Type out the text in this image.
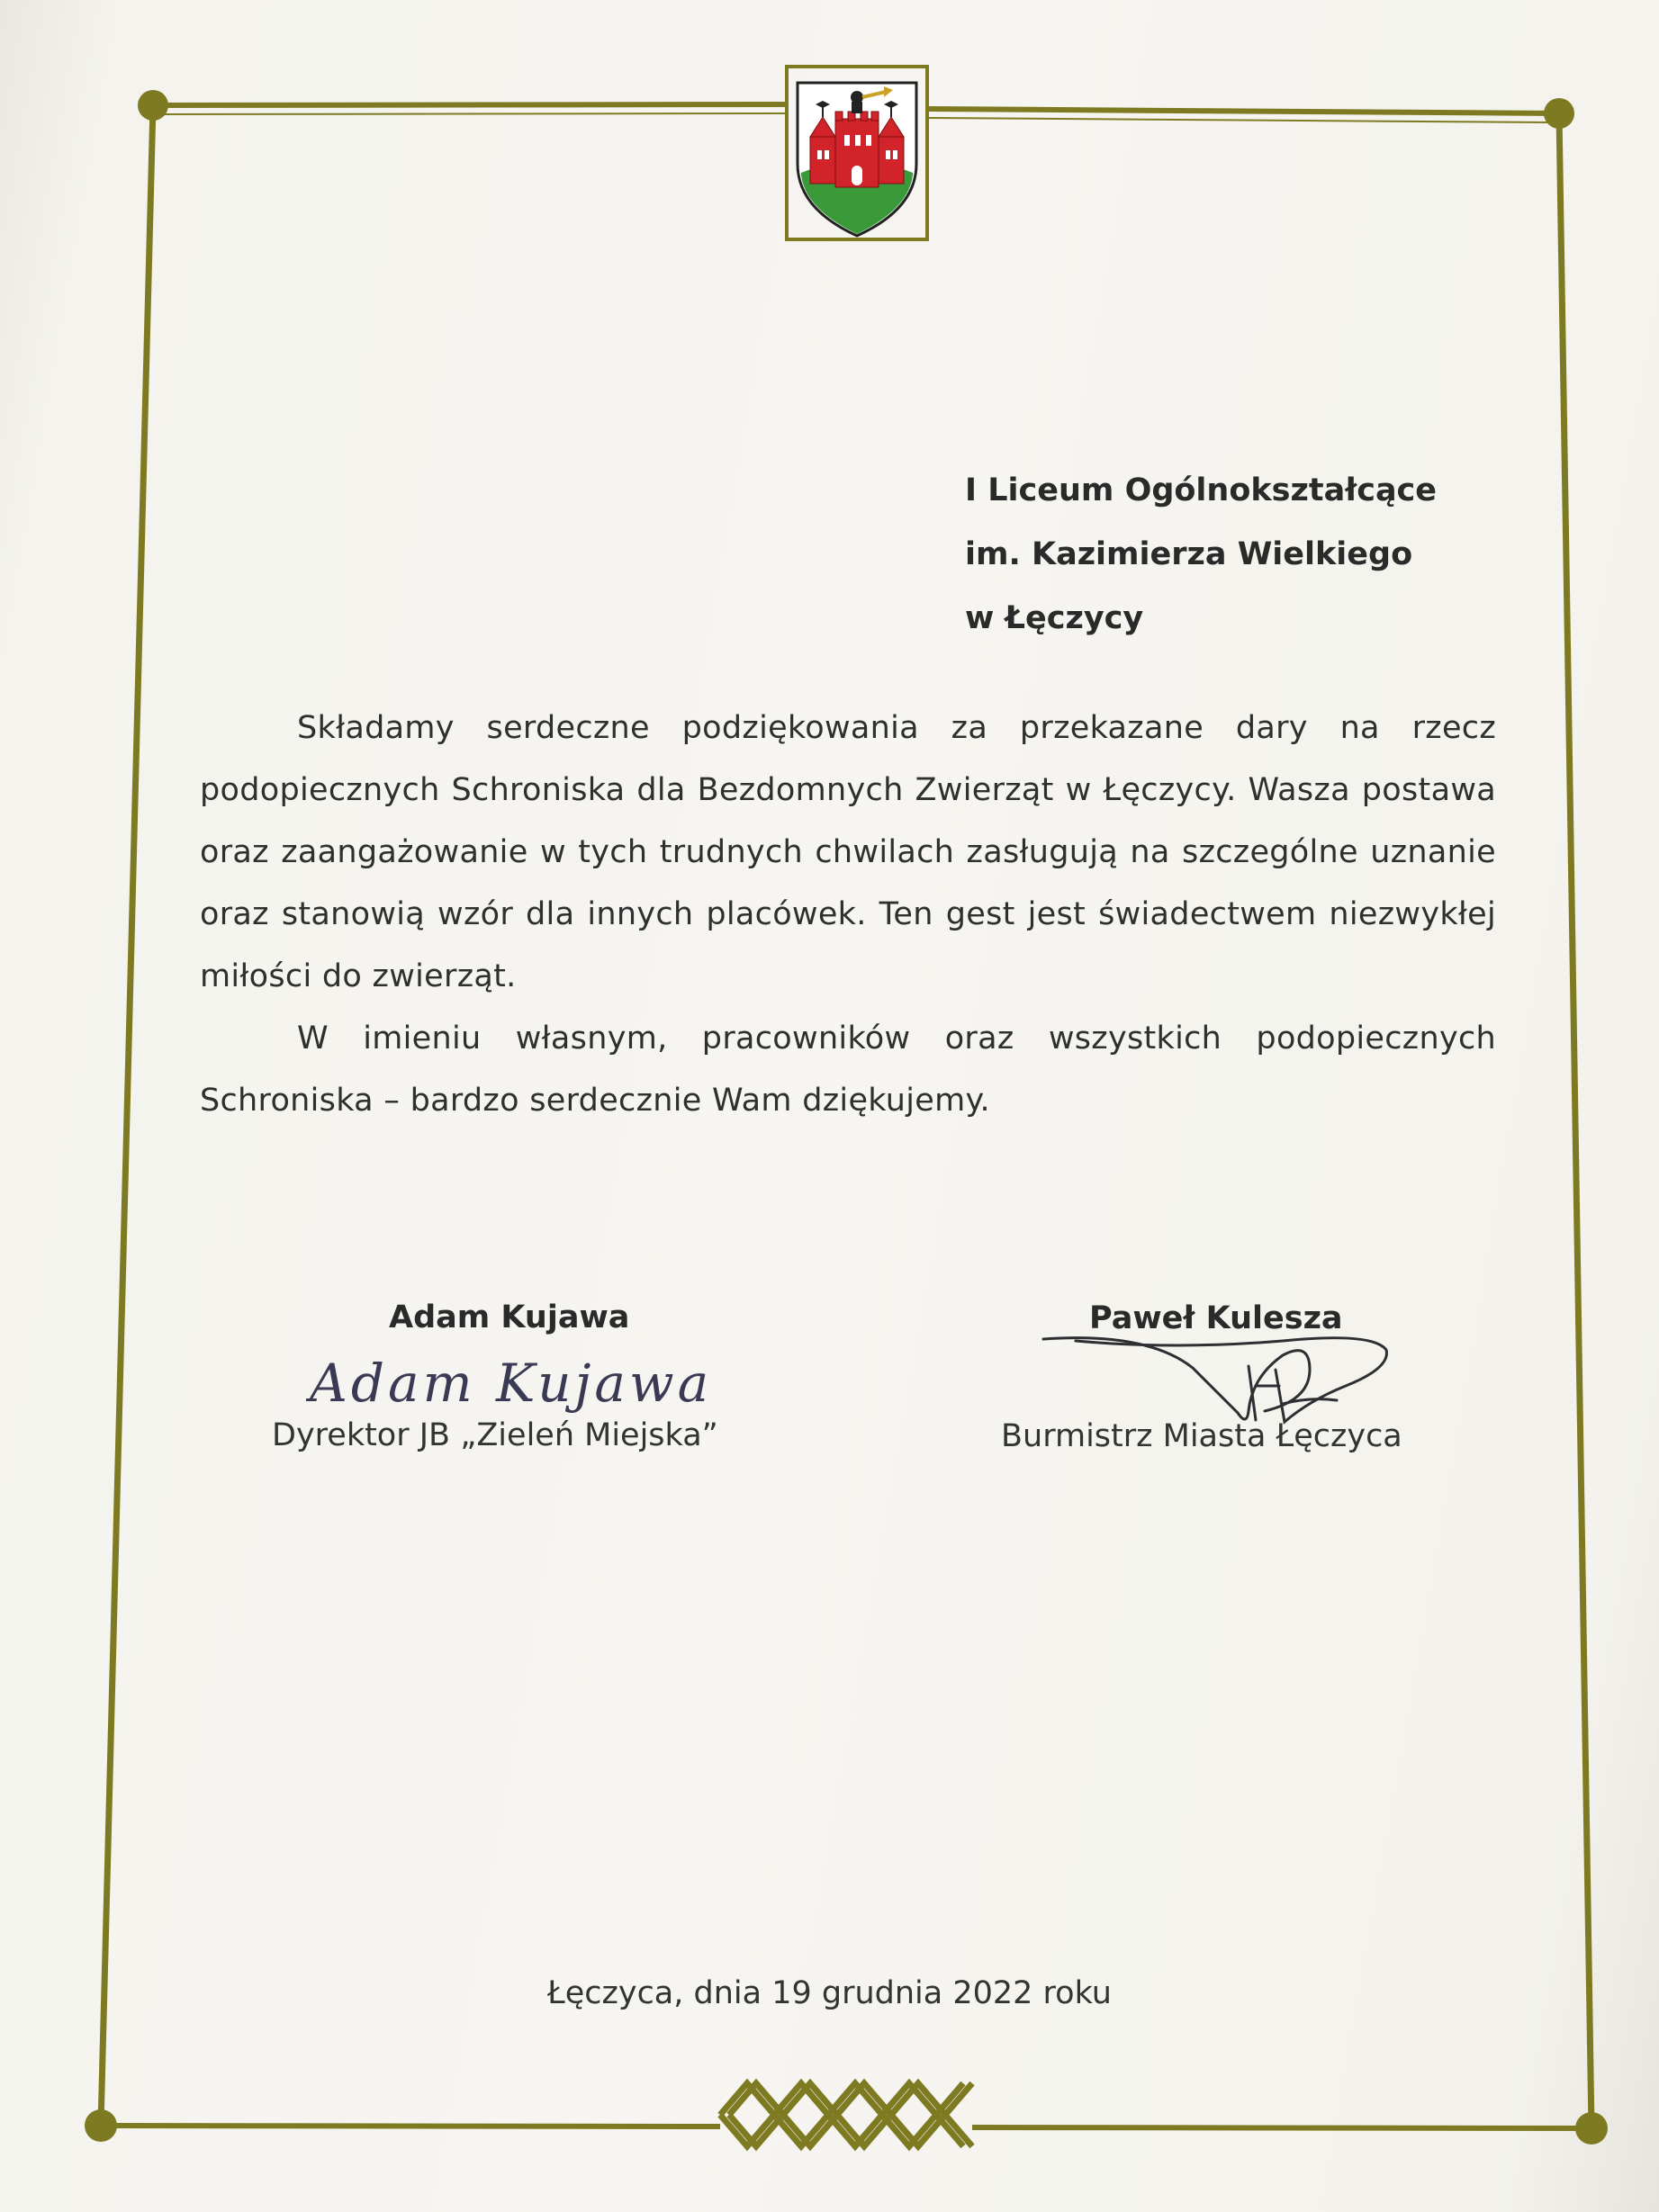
I Liceum Ogólnokształcące
im. Kazimierza Wielkiego
w Łęczycy

Składamy serdeczne podziękowania za przekazane dary na rzecz podopiecznych Schroniska dla Bezdomnych Zwierząt w Łęczycy. Wasza postawa oraz zaangażowanie w tych trudnych chwilach zasługują na szczególne uznanie oraz stanowią wzór dla innych placówek. Ten gest jest świadectwem niezwykłej miłości do zwierząt.

W imieniu własnym, pracowników oraz wszystkich podopiecznych Schroniska – bardzo serdecznie Wam dziękujemy.

Adam Kujawa
Adam Kujawa
Dyrektor JB „Zieleń Miejska”
Paweł Kulesza
Burmistrz Miasta Łęczyca
Łęczyca, dnia 19 grudnia 2022 roku
